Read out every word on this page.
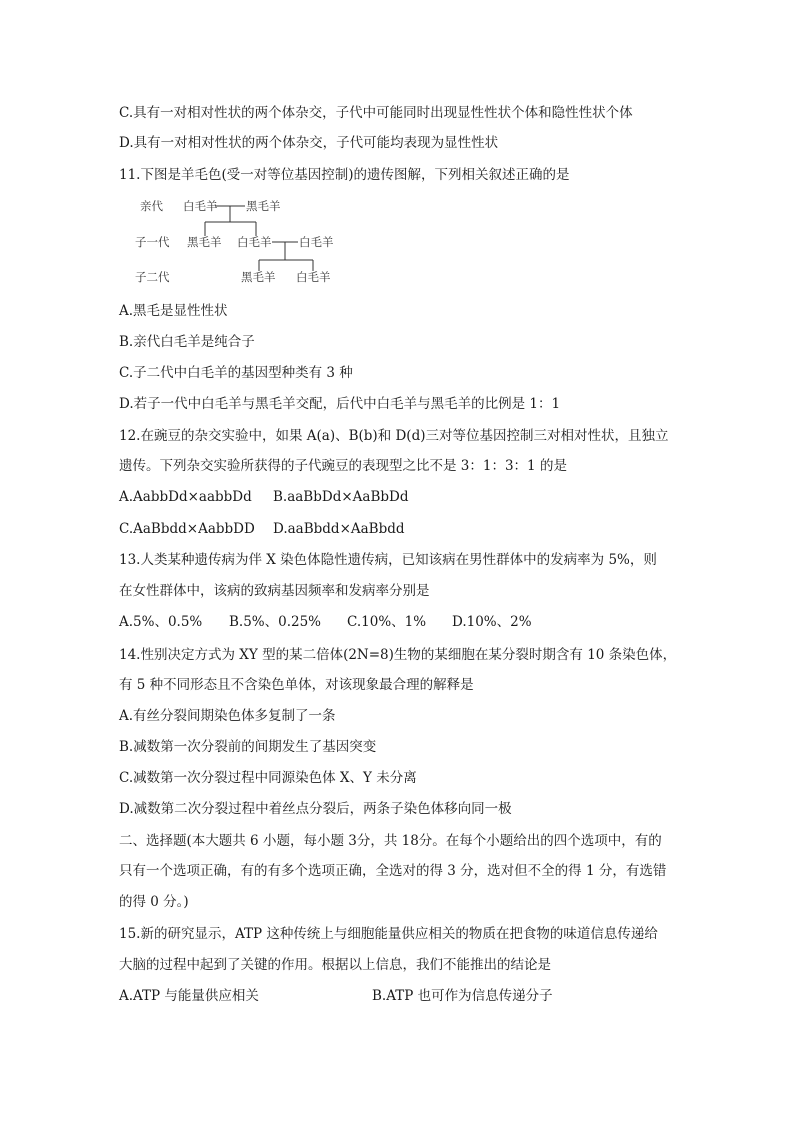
C.具有一对相对性状的两个体杂交，子代中可能同时出现显性性状个体和隐性性状个体
D.具有一对相对性状的两个体杂交，子代可能均表现为显性性状
11.下图是羊毛色(受一对等位基因控制)的遗传图解，下列相关叙述正确的是
亲代 白毛羊 黑毛羊
子一代 黑毛羊 白毛羊 白毛羊
子二代	黑毛羊 白毛羊
A.黑毛是显性性状
B.亲代白毛羊是纯合子
C.子二代中白毛羊的基因型种类有 3 种
D.若子一代中白毛羊与黑毛羊交配，后代中白毛羊与黑毛羊的比例是 1：1
12.在豌豆的杂交实验中，如果 A(a)、B(b)和 D(d)三对等位基因控制三对相对性状，且独立
遗传。下列杂交实验所获得的子代豌豆的表现型之比不是 3：1：3：1 的是
A.AabbDd×aabbDd B.aaBbDd×AaBbDd
C.AaBbdd×AabbDD D.aaBbdd×AaBbdd
13.人类某种遗传病为伴 X 染色体隐性遗传病，已知该病在男性群体中的发病率为 5%，则
在女性群体中，该病的致病基因频率和发病率分别是
A.5%、0.5% B.5%、0.25% C.10%、1% D.10%、2%
14.性别决定方式为 XY 型的某二倍体(2N=8)生物的某细胞在某分裂时期含有 10 条染色体，
有 5 种不同形态且不含染色单体，对该现象最合理的解释是
A.有丝分裂间期染色体多复制了一条
B.减数第一次分裂前的间期发生了基因突变
C.减数第一次分裂过程中同源染色体 X、Y 未分离
D.减数第二次分裂过程中着丝点分裂后，两条子染色体移向同一极
二、选择题(本大题共 6 小题，每小题 3分，共 18分。在每个小题给出的四个选项中，有的
只有一个选项正确，有的有多个选项正确，全选对的得 3 分，选对但不全的得 1 分，有选错
的得 0 分。)
15.新的研究显示，ATP 这种传统上与细胞能量供应相关的物质在把食物的味道信息传递给
大脑的过程中起到了关键的作用。根据以上信息，我们不能推出的结论是
A.ATP 与能量供应相关	B.ATP 也可作为信息传递分子
